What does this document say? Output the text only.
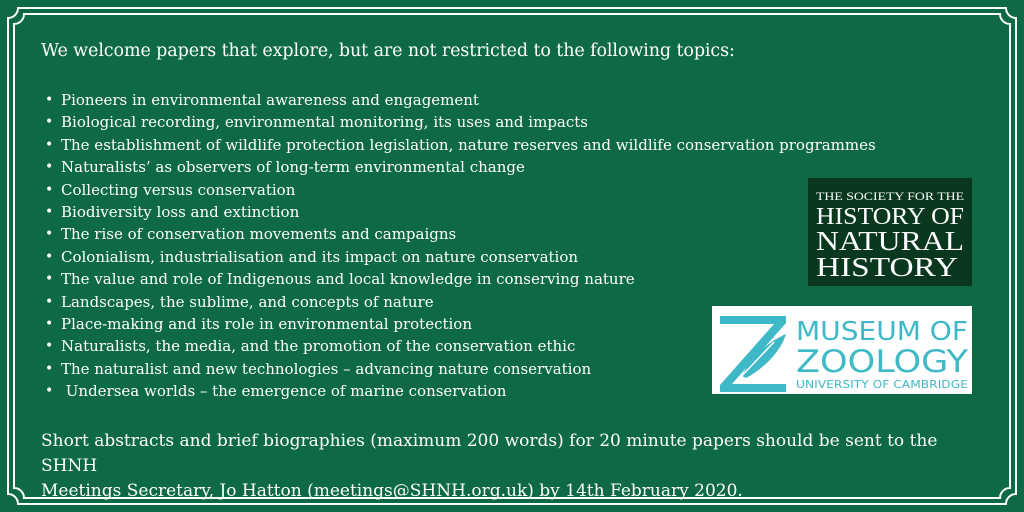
We welcome papers that explore, but are not restricted to the following topics:
• Pioneers in environmental awareness and engagement
• Biological recording, environmental monitoring, its uses and impacts
• The establishment of wildlife protection legislation, nature reserves and wildlife conservation programmes
• Naturalists’ as observers of long-term environmental change
• Collecting versus conservation
• Biodiversity loss and extinction
• The rise of conservation movements and campaigns
• Colonialism, industrialisation and its impact on nature conservation
• The value and role of Indigenous and local knowledge in conserving nature
• Landscapes, the sublime, and concepts of nature
• Place-making and its role in environmental protection
• Naturalists, the media, and the promotion of the conservation ethic
• The naturalist and new technologies – advancing nature conservation
• Undersea worlds – the emergence of marine conservation
THE SOCIETY FOR THE
HISTORY OF
NATURAL
HISTORY
MUSEUM OF
ZOOLOGY
UNIVERSITY OF CAMBRIDGE
Short abstracts and brief biographies (maximum 200 words) for 20 minute papers should be sent to the SHNH
Meetings Secretary, Jo Hatton (meetings@SHNH.org.uk) by 14th February 2020.
